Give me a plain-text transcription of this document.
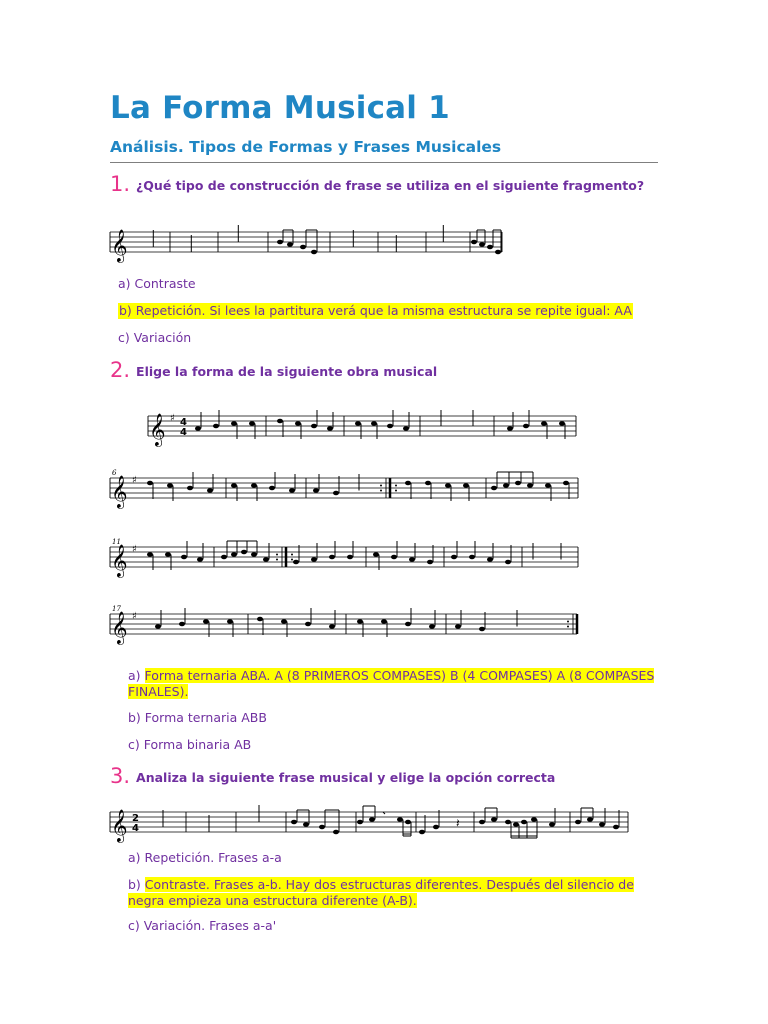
La Forma Musical 1
Análisis. Tipos de Formas y Frases Musicales

1. ¿Qué tipo de construcción de frase se utiliza en el siguiente fragmento?

𝄞

a) Contraste

b) Repetición. Si lees la partitura verá que la misma estructura se repite igual: AA

c) Variación

2. Elige la forma de la siguiente obra musical

𝄞 ♯ 4
4
6
𝄞 ♯
11
𝄞 ♯
17
𝄞 ♯

a) Forma ternaria ABA. A (8 PRIMEROS COMPASES) B (4 COMPASES) A (8 COMPASES FINALES).

b) Forma ternaria ABB

c) Forma binaria AB

3. Analiza la siguiente frase musical y elige la opción correcta

𝄞 2
4	𝄽

a) Repetición. Frases a-a

b) Contraste. Frases a-b. Hay dos estructuras diferentes. Después del silencio de negra empieza una estructura diferente (A-B).

c) Variación. Frases a-a'
